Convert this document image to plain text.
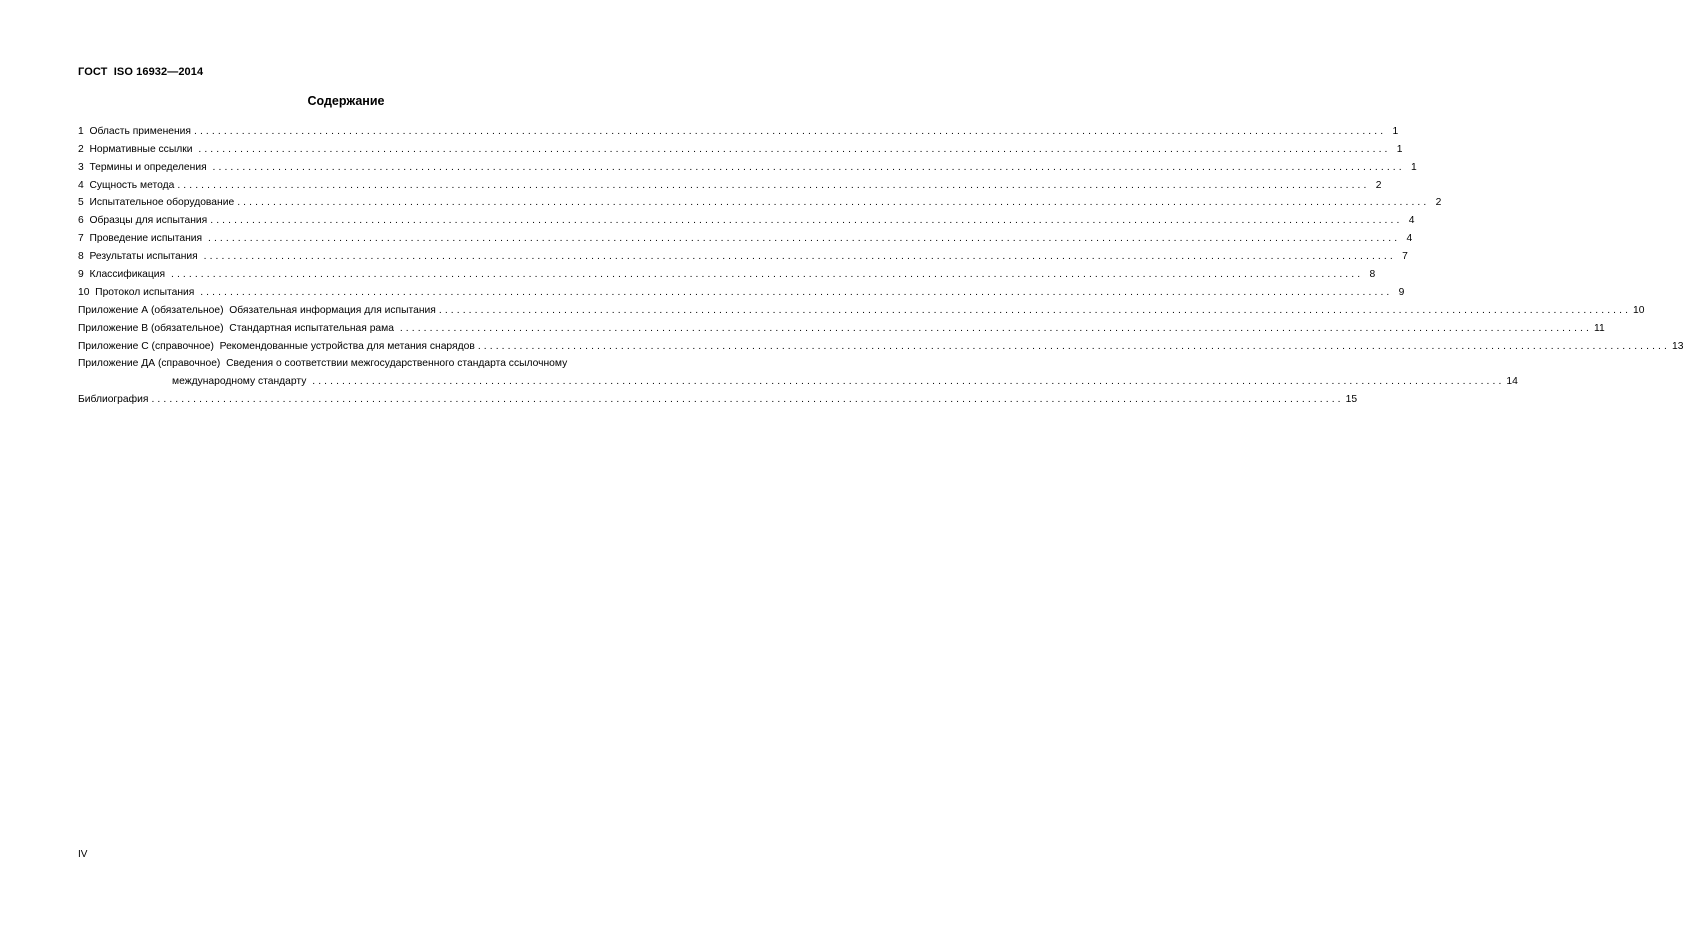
ГОСТ  ISO 16932—2014
Содержание
1  Область применения ........................................................................................................................................................................................................ 1
2  Нормативные ссылки ........................................................................................................................................................................................................ 1
3  Термины и определения ........................................................................................................................................................................................................ 1
4  Сущность метода ........................................................................................................................................................................................................ 2
5  Испытательное оборудование ........................................................................................................................................................................................................ 2
6  Образцы для испытания ........................................................................................................................................................................................................ 4
7  Проведение испытания ........................................................................................................................................................................................................ 4
8  Результаты испытания ........................................................................................................................................................................................................ 7
9  Классификация ........................................................................................................................................................................................................ 8
10  Протокол испытания ........................................................................................................................................................................................................ 9
Приложение А (обязательное)  Обязательная информация для испытания ........................................................................................................................................................................................................ 10
Приложение В (обязательное)  Стандартная испытательная рама ........................................................................................................................................................................................................ 11
Приложение С (справочное)  Рекомендованные устройства для метания снарядов ........................................................................................................................................................................................................ 13
Приложение ДА (справочное)  Сведения о соответствии межгосударственного стандарта ссылочному
международному стандарту ........................................................................................................................................................................................................ 14
Библиография ........................................................................................................................................................................................................ 15
IV
